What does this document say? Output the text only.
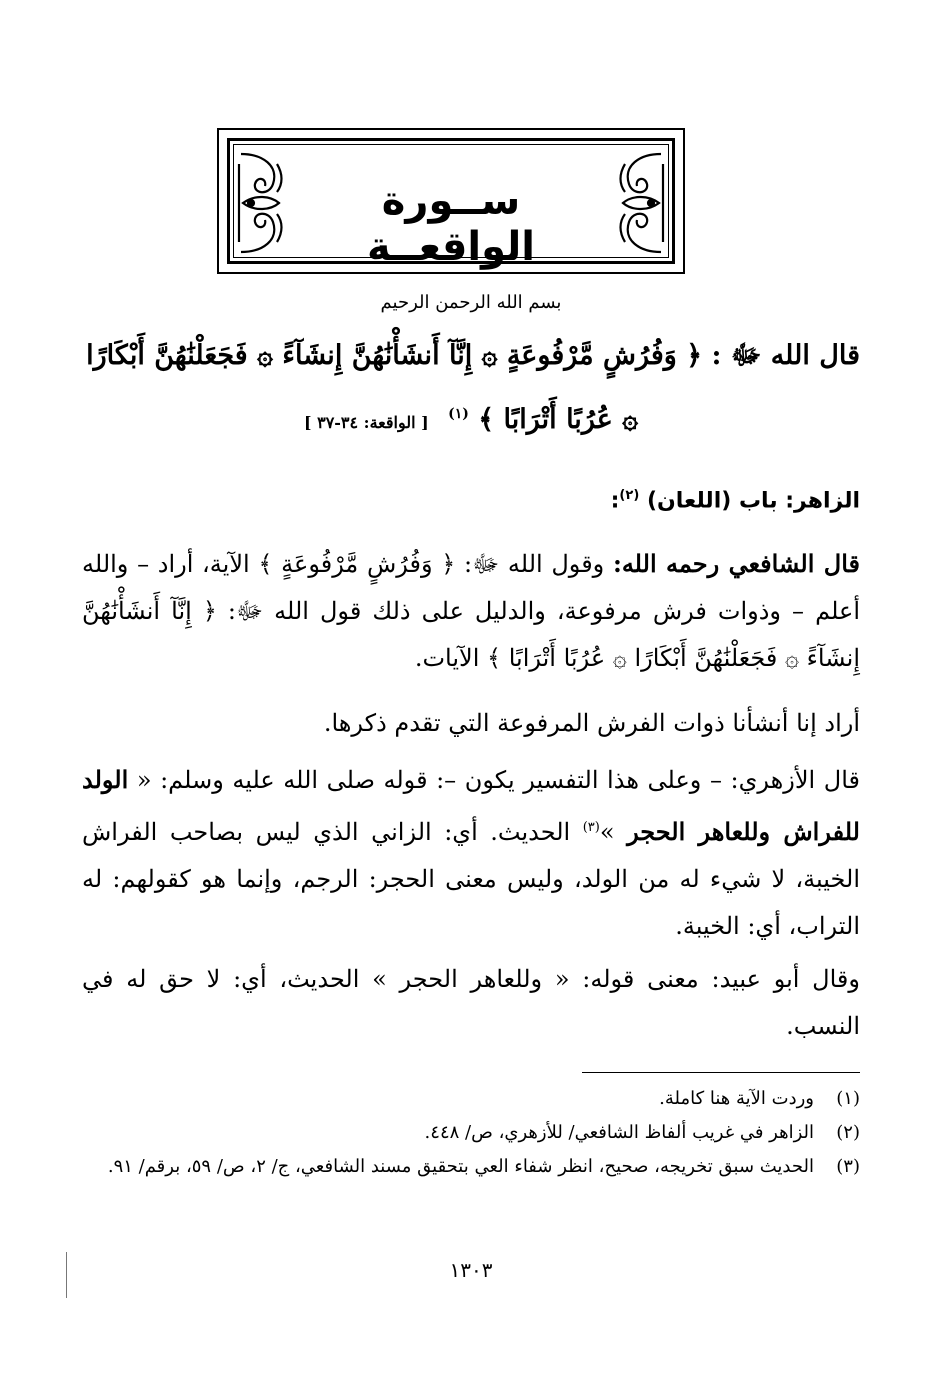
ســورة الواقعــة
بسم الله الرحمن الرحيم
قال الله ﷻ : ﴿ وَفُرُشٍ مَّرْفُوعَةٍ ۞ إِنَّآ أَنشَأْنَٰهُنَّ إِنشَآءً ۞ فَجَعَلْنَٰهُنَّ أَبْكَارًا
۞ عُرُبًا أَتْرَابًا ﴾ $^{(١)}$ [ الواقعة: ٣٤-٣٧ ]
الزاهر: باب (اللعان) $^{(٢)}$:
قال الشافعي رحمه الله: وقول الله ﷻ: ﴿ وَفُرُشٍ مَّرْفُوعَةٍ ﴾ الآية، أراد – والله أعلم – وذوات فرش مرفوعة، والدليل على ذلك قول الله ﷻ: ﴿ إِنَّآ أَنشَأْنَٰهُنَّ إِنشَآءً ۞ فَجَعَلْنَٰهُنَّ أَبْكَارًا ۞ عُرُبًا أَتْرَابًا ﴾ الآيات.
أراد إنا أنشأنا ذوات الفرش المرفوعة التي تقدم ذكرها.
قال الأزهري: – وعلى هذا التفسير يكون –: قوله صلى الله عليه وسلم: « الولد للفراش وللعاهر الحجر »$^{(٣)}$ الحديث. أي: الزاني الذي ليس بصاحب الفراش الخيبة، لا شيء له من الولد، وليس معنى الحجر: الرجم، وإنما هو كقولهم: له التراب، أي: الخيبة.
وقال أبو عبيد: معنى قوله: « وللعاهر الحجر » الحديث، أي: لا حق له في النسب.
(١)
وردت الآية هنا كاملة.
(٢)
الزاهر في غريب ألفاظ الشافعي/ للأزهري، ص/ ٤٤٨.
(٣)
الحديث سبق تخريجه، صحيح، انظر شفاء العي بتحقيق مسند الشافعي، ج/ ٢، ص/ ٥٩، برقم/ ٩١.
١٣٠٣
